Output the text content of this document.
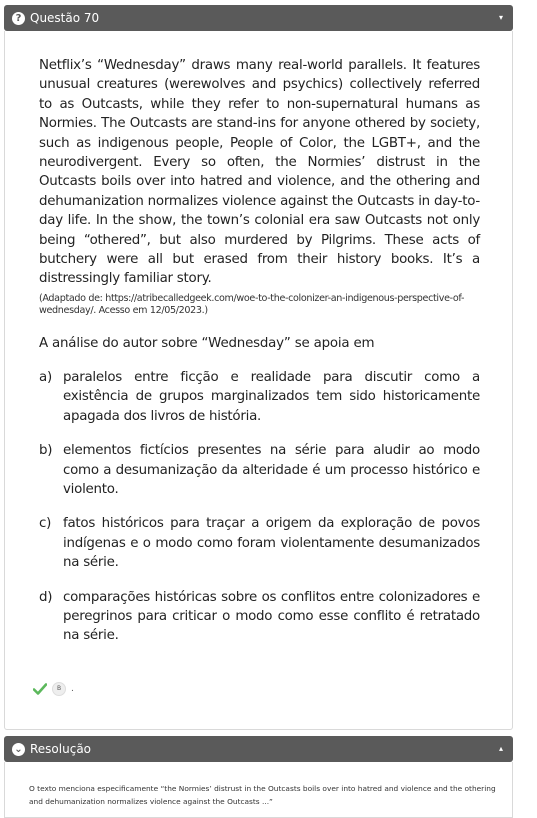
? Questão 70	▾

Netflix’s “Wednesday” draws many real-world parallels. It features unusual creatures (werewolves and psychics) collectively referred to as Outcasts, while they refer to non-supernatural humans as Normies. The Outcasts are stand-ins for anyone othered by society, such as indigenous people, People of Color, the LGBT+, and the neurodivergent. Every so often, the Normies’ distrust in the Outcasts boils over into hatred and violence, and the othering and dehumanization normalizes violence against the Outcasts in day-to-day life. In the show, the town’s colonial era saw Outcasts not only being “othered”, but also murdered by Pilgrims. These acts of butchery were all but erased from their history books. It’s a distressingly familiar story.

(Adaptado de: https://atribecalledgeek.com/woe-to-the-colonizer-an-indigenous-perspective-of-wednesday/. Acesso em 12/05/2023.)

A análise do autor sobre “Wednesday” se apoia em

a) paralelos entre ficção e realidade para discutir como a existência de grupos marginalizados tem sido historicamente apagada dos livros de história.
b) elementos fictícios presentes na série para aludir ao modo como a desumanização da alteridade é um processo histórico e violento.
c) fatos históricos para traçar a origem da exploração de povos indígenas e o modo como foram violentamente desumanizados na série.
d) comparações históricas sobre os conflitos entre colonizadores e peregrinos para criticar o modo como esse conflito é retratado na série.
B	.
⌄ Resolução	▴

O texto menciona especificamente “the Normies’ distrust in the Outcasts boils over into hatred and violence and the othering and dehumanization normalizes violence against the Outcasts ...”
